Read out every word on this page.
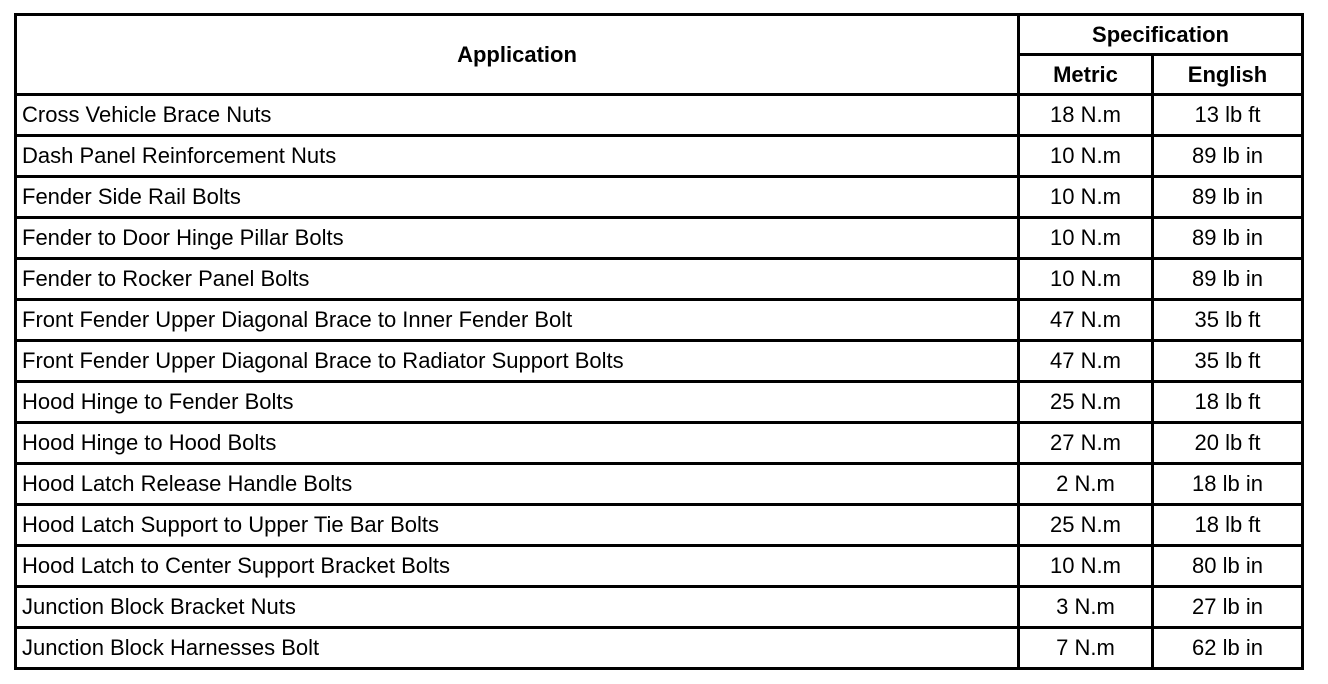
Application	Specification	
	Metric	English
Cross Vehicle Brace Nuts	18 N.m	13 lb ft
Dash Panel Reinforcement Nuts	10 N.m	89 lb in
Fender Side Rail Bolts	10 N.m	89 lb in
Fender to Door Hinge Pillar Bolts	10 N.m	89 lb in
Fender to Rocker Panel Bolts	10 N.m	89 lb in
Front Fender Upper Diagonal Brace to Inner Fender Bolt	47 N.m	35 lb ft
Front Fender Upper Diagonal Brace to Radiator Support Bolts	47 N.m	35 lb ft
Hood Hinge to Fender Bolts	25 N.m	18 lb ft
Hood Hinge to Hood Bolts	27 N.m	20 lb ft
Hood Latch Release Handle Bolts	2 N.m	18 lb in
Hood Latch Support to Upper Tie Bar Bolts	25 N.m	18 lb ft
Hood Latch to Center Support Bracket Bolts	10 N.m	80 lb in
Junction Block Bracket Nuts	3 N.m	27 lb in
Junction Block Harnesses Bolt	7 N.m	62 lb in
